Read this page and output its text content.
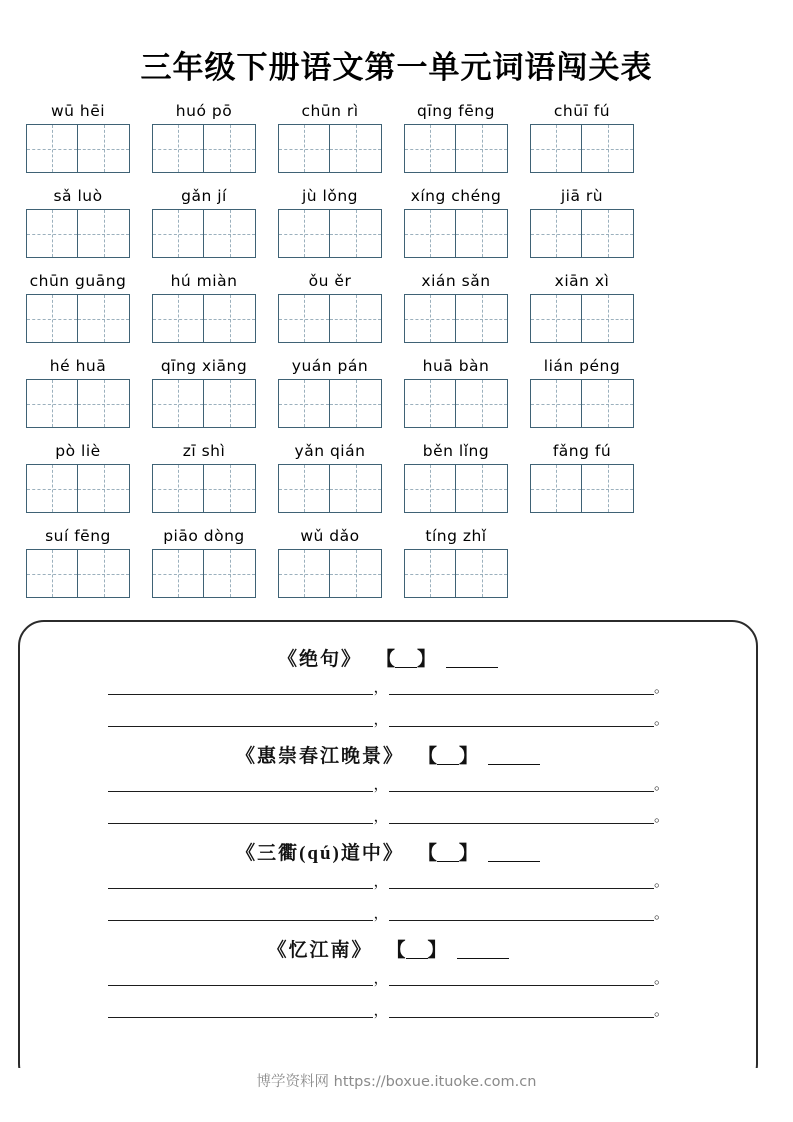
三年级下册语文第一单元词语闯关表
wū hēi	huó pō	chūn rì	qīng fēng	chūī fú
sǎ luò	gǎn jí	jù lǒng	xíng chéng	jiā rù
chūn guāng	hú miàn	ǒu ěr	xián sǎn	xiān xì
hé huā	qīng xiāng	yuán pán	huā bàn	lián péng
pò liè	zī shì	yǎn qián	běn lǐng	fǎng fú
suí fēng	piāo dòng	wǔ dǎo	tíng zhǐ
《绝句》 【 】
，	。
，	。
《惠崇春江晚景》 【 】
，	。
，	。
《三衢(qú)道中》 【 】
，	。
，	。
《忆江南》 【 】
，	。
，	。
博学资料网 https://boxue.ituoke.com.cn
